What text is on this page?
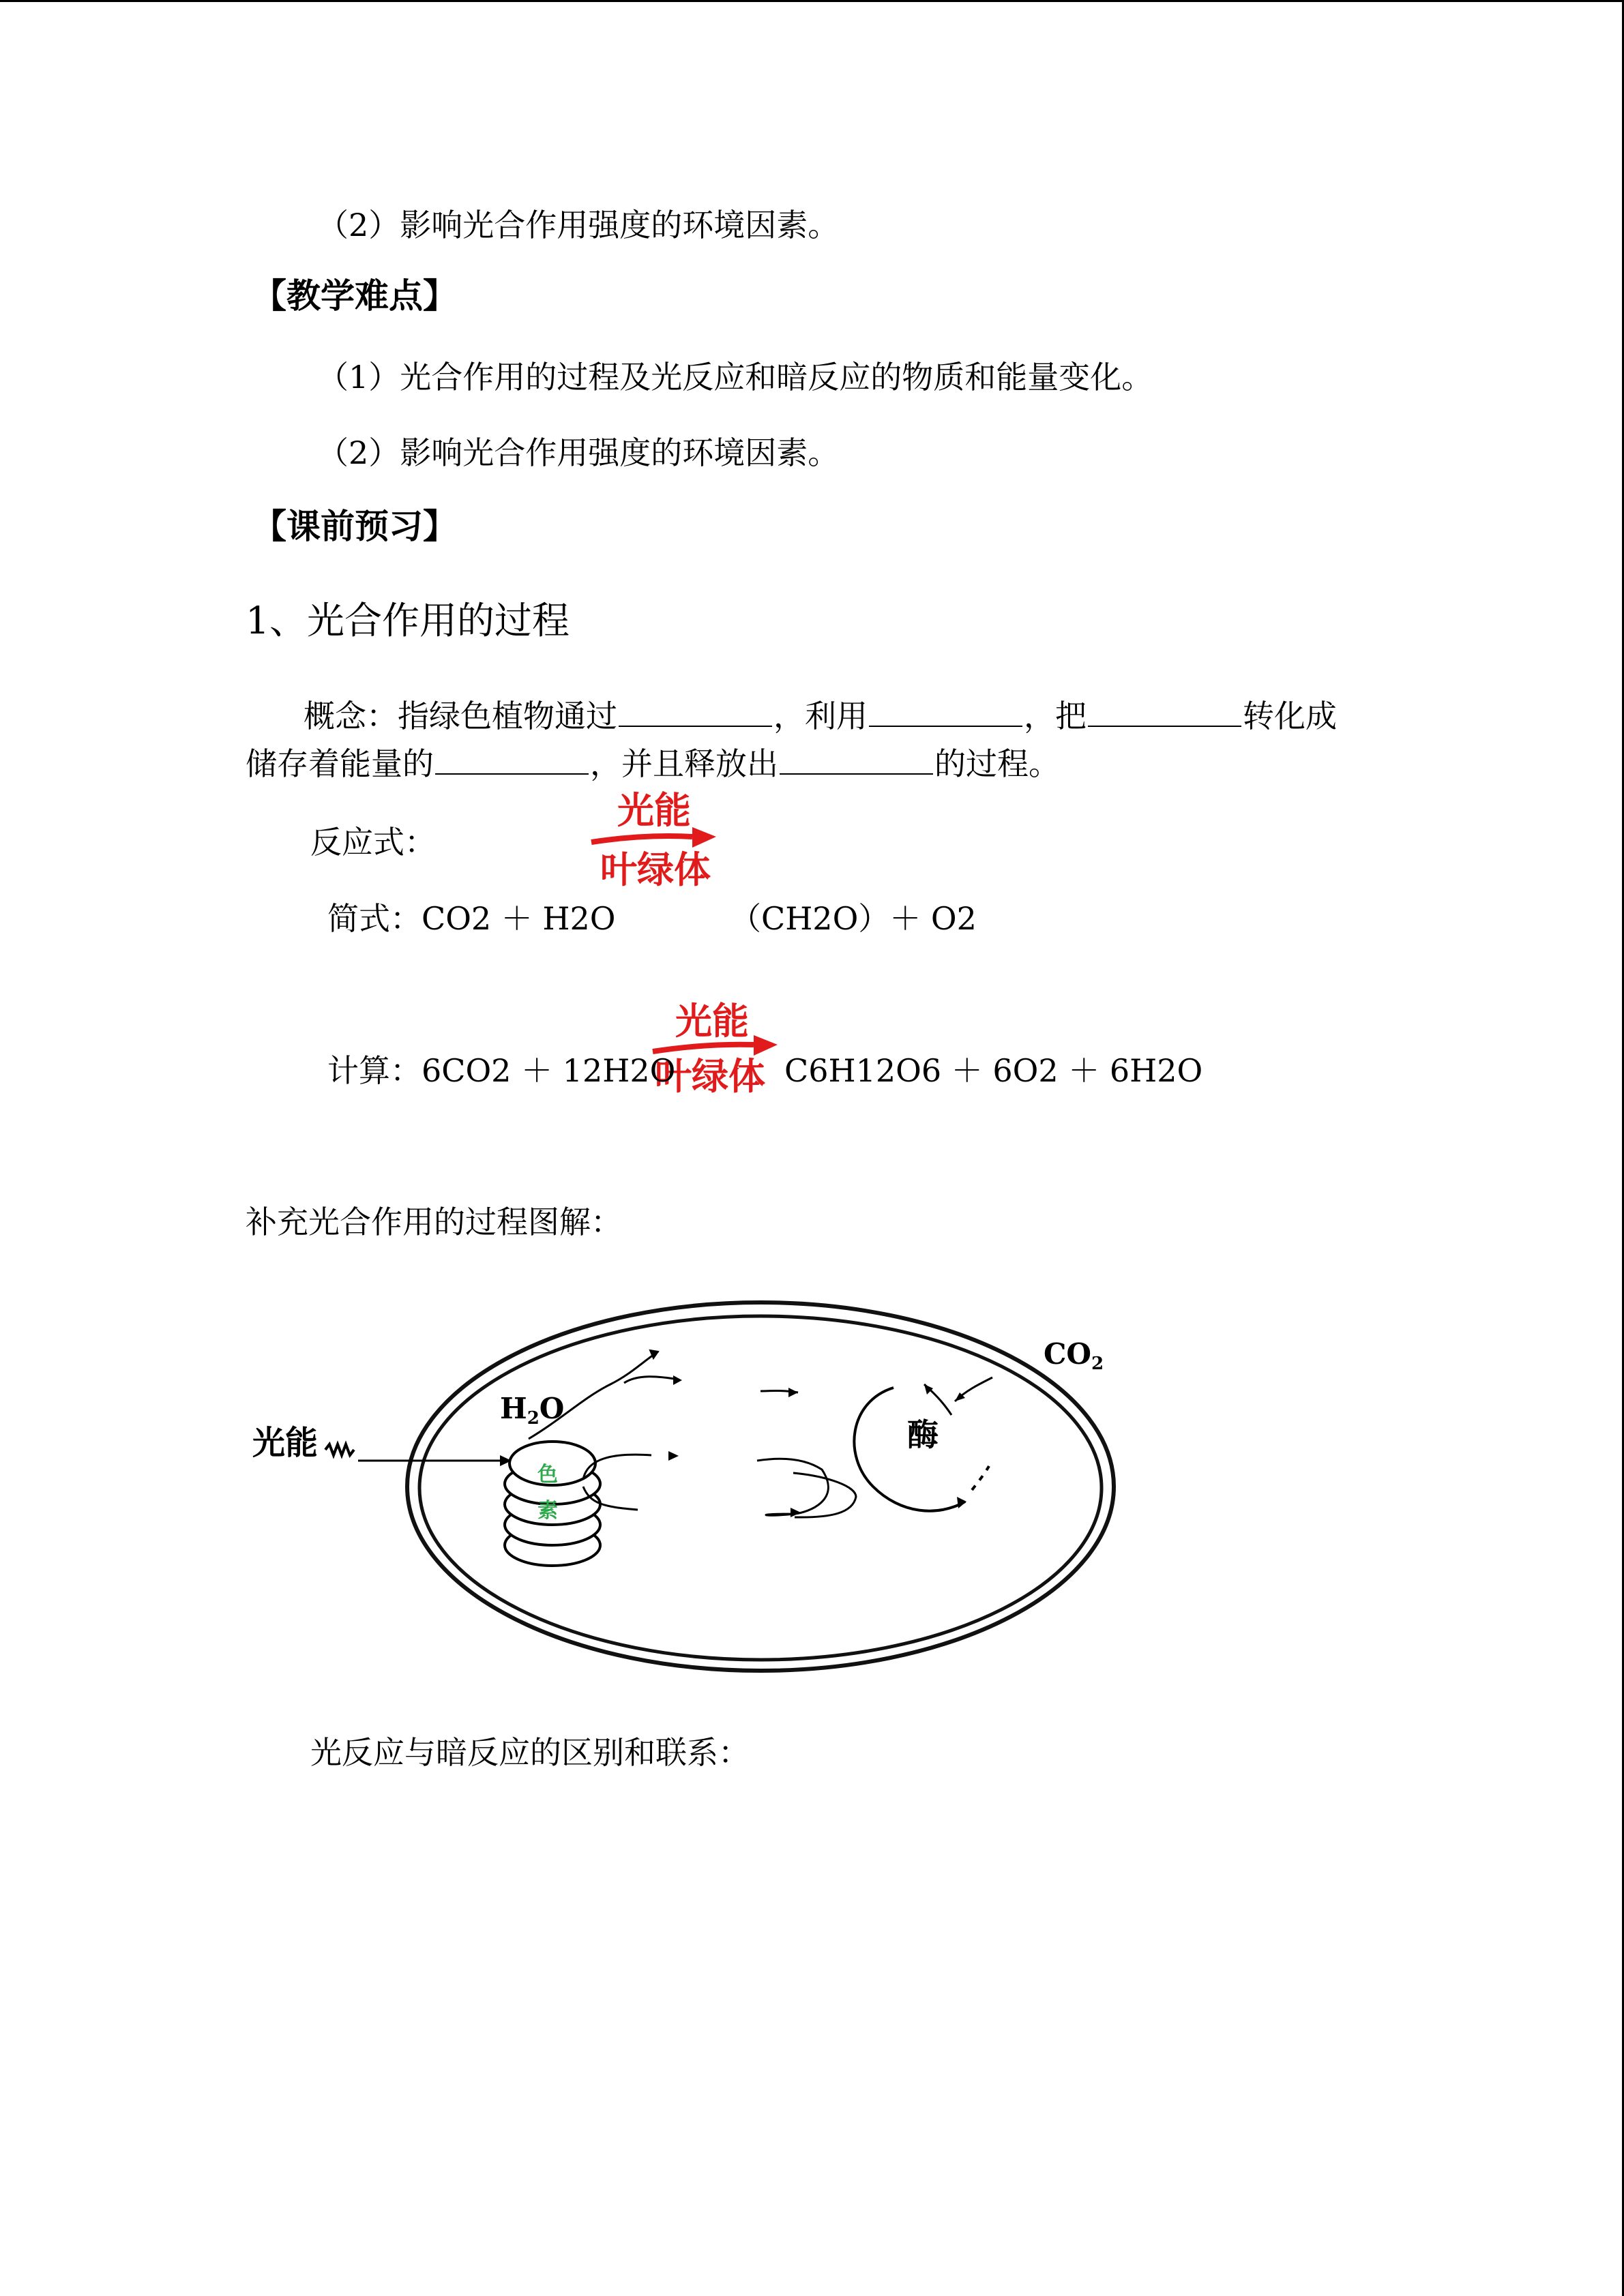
（2）影响光合作用强度的环境因素。
【教学难点】
（1）光合作用的过程及光反应和暗反应的物质和能量变化。
（2）影响光合作用强度的环境因素。
【课前预习】
1、光合作用的过程
概念：指绿色植物通过	，利用	，把	转化成
储存着能量的	，并且释放出	的过程。
反应式：
光能
叶绿体
简式：CO2 ＋ H2O	（CH2O）＋ O2
光能
叶绿体
计算：6CO2 ＋ 12H2O	C6H12O6 ＋ 6O2 ＋ 6H2O
补充光合作用的过程图解：
光能
色
素
H2O
酶
CO2
光反应与暗反应的区别和联系：
